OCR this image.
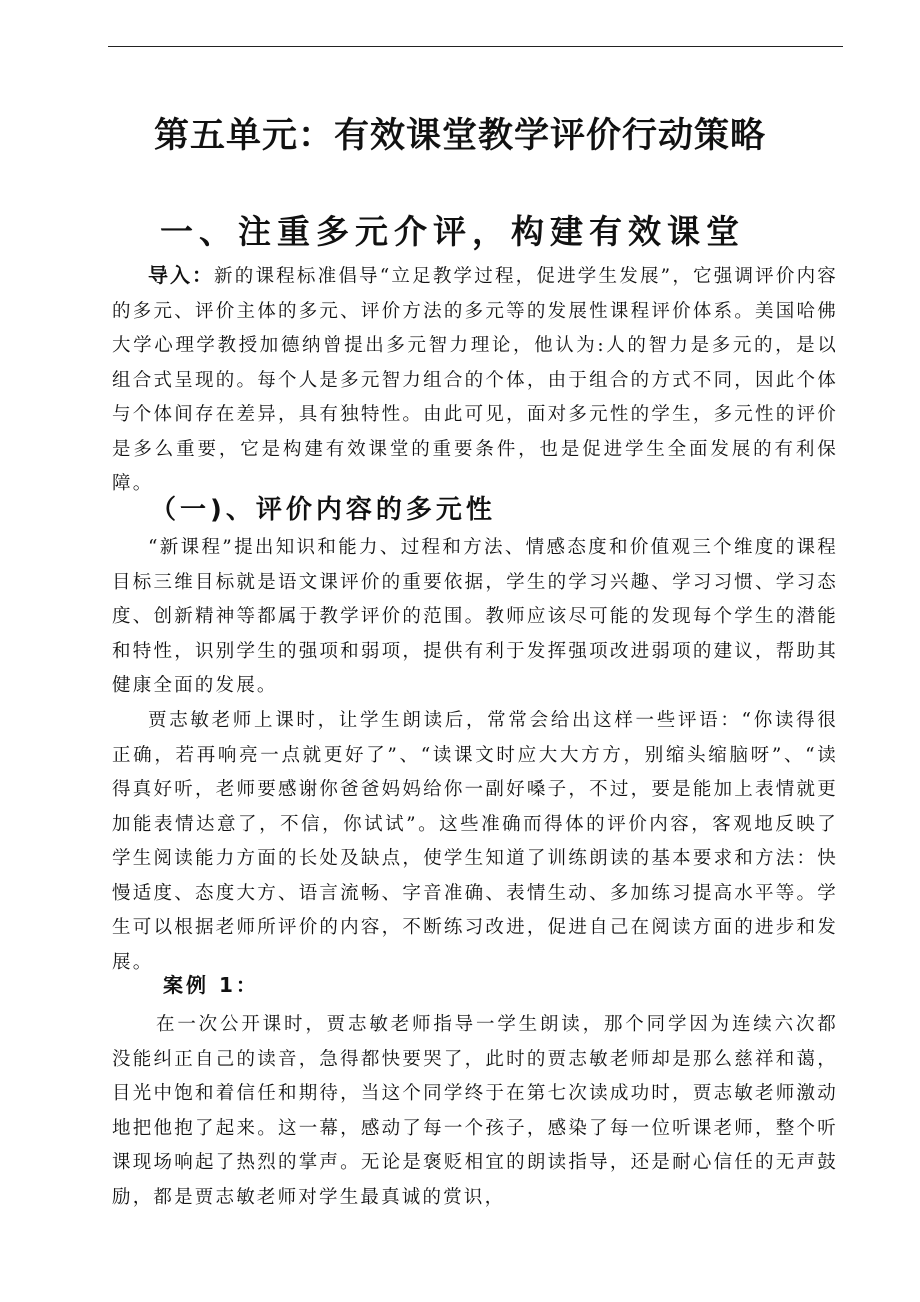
第五单元：有效课堂教学评价行动策略
一、注重多元介评，构建有效课堂

导入：新的课程标准倡导“立足教学过程，促进学生发展”，它强调评价内容的多元、评价主体的多元、评价方法的多元等的发展性课程评价体系。美国哈佛大学心理学教授加德纳曾提出多元智力理论，他认为:人的智力是多元的，是以组合式呈现的。每个人是多元智力组合的个体，由于组合的方式不同，因此个体与个体间存在差异，具有独特性。由此可见，面对多元性的学生，多元性的评价是多么重要，它是构建有效课堂的重要条件，也是促进学生全面发展的有利保障。

（一)、评价内容的多元性

“新课程”提出知识和能力、过程和方法、情感态度和价值观三个维度的课程目标三维目标就是语文课评价的重要依据，学生的学习兴趣、学习习惯、学习态度、创新精神等都属于教学评价的范围。教师应该尽可能的发现每个学生的潜能和特性，识别学生的强项和弱项，提供有利于发挥强项改进弱项的建议，帮助其健康全面的发展。

贾志敏老师上课时，让学生朗读后，常常会给出这样一些评语：“你读得很正确，若再响亮一点就更好了”、“读课文时应大大方方，别缩头缩脑呀”、“读得真好听，老师要感谢你爸爸妈妈给你一副好嗓子，不过，要是能加上表情就更加能表情达意了，不信，你试试”。这些准确而得体的评价内容，客观地反映了学生阅读能力方面的长处及缺点，使学生知道了训练朗读的基本要求和方法：快慢适度、态度大方、语言流畅、字音准确、表情生动、多加练习提高水平等。学生可以根据老师所评价的内容，不断练习改进，促进自己在阅读方面的进步和发展。

案例 1：

在一次公开课时，贾志敏老师指导一学生朗读，那个同学因为连续六次都没能纠正自己的读音，急得都快要哭了，此时的贾志敏老师却是那么慈祥和蔼，目光中饱和着信任和期待，当这个同学终于在第七次读成功时，贾志敏老师激动地把他抱了起来。这一幕，感动了每一个孩子，感染了每一位听课老师，整个听课现场响起了热烈的掌声。无论是褒贬相宜的朗读指导，还是耐心信任的无声鼓励，都是贾志敏老师对学生最真诚的赏识，
